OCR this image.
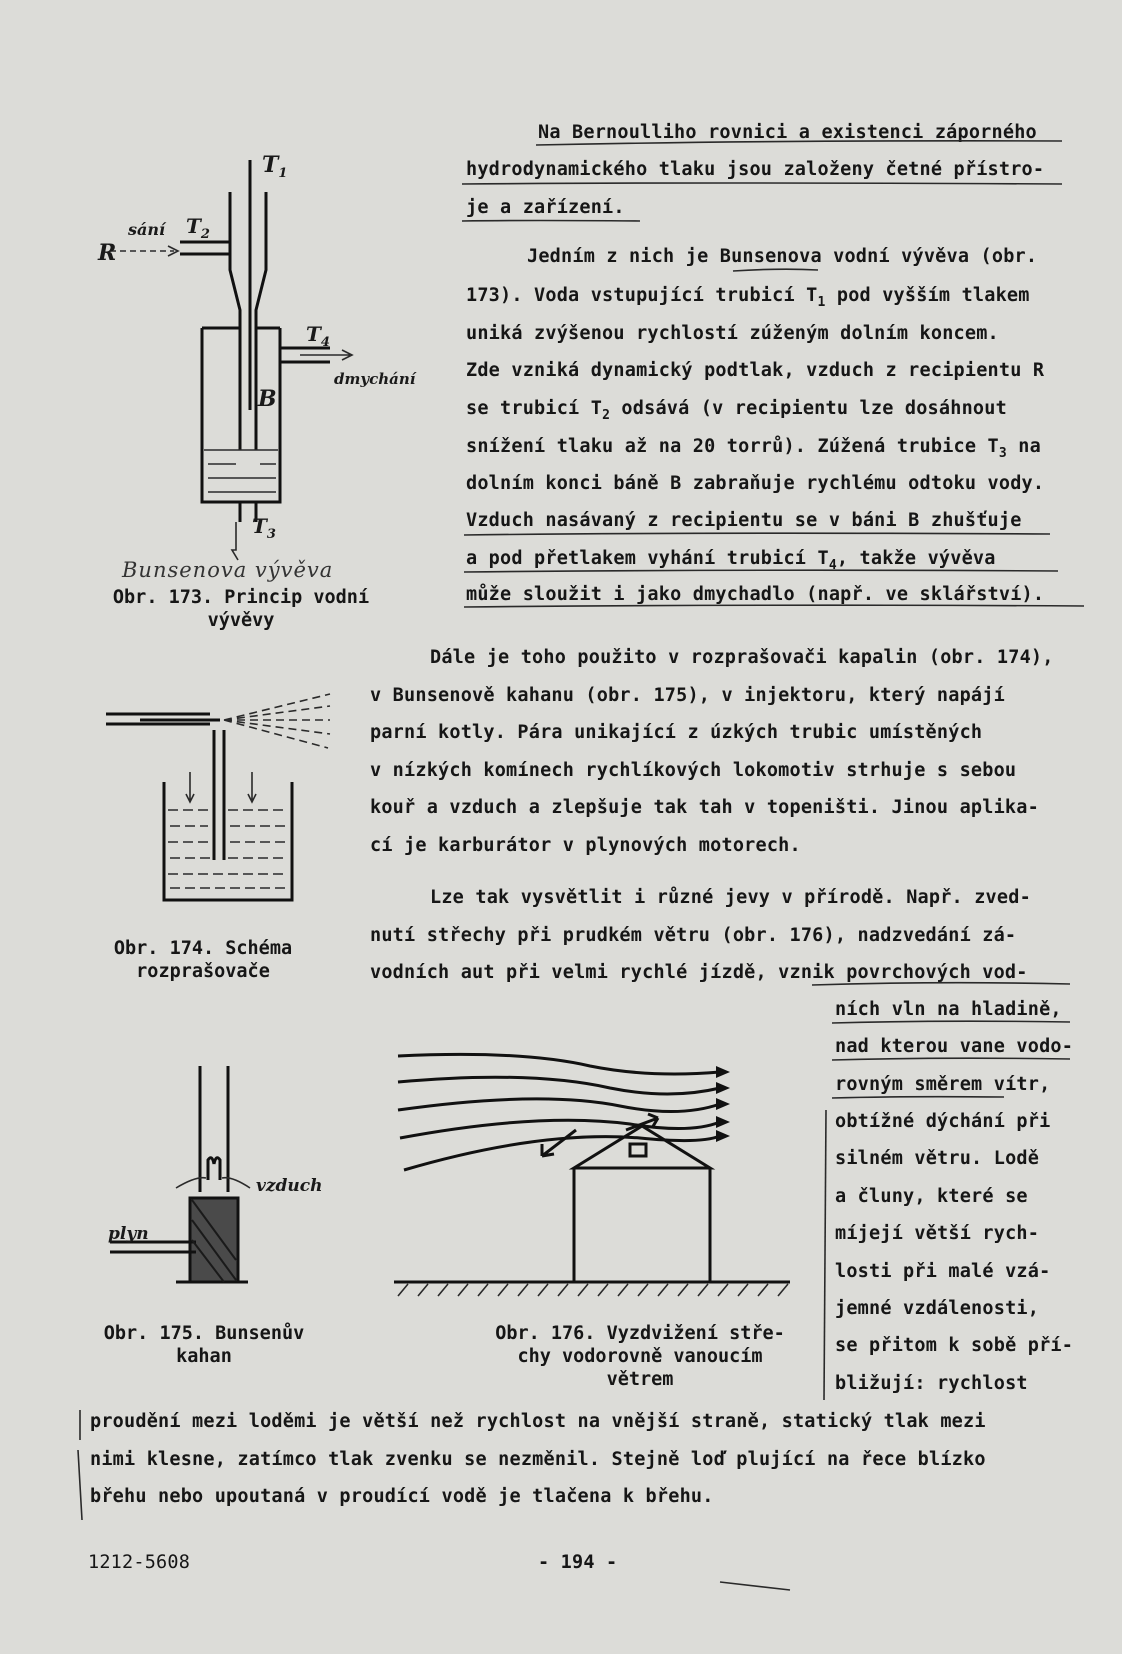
Na Bernoulliho rovnici a existenci záporného
hydrodynamického tlaku jsou založeny četné přístro-
je a zařízení.
Jedním z nich je Bunsenova vodní vývěva (obr.
173). Voda vstupující trubicí $T_1$ pod vyšším tlakem
uniká zvýšenou rychlostí zúženým dolním koncem.
Zde vzniká dynamický podtlak, vzduch z recipientu R
se trubicí $T_2$ odsává (v recipientu lze dosáhnout
snížení tlaku až na 20 torrů). Zúžená trubice $T_3$ na
dolním konci báně B zabraňuje rychlému odtoku vody.
Vzduch nasávaný z recipientu se v báni B zhušťuje
a pod přetlakem vyhání trubicí $T_4$, takže vývěva
může sloužit i jako dmychadlo (např. ve sklářství).
Dále je toho použito v rozprašovači kapalin (obr. 174),
v Bunsenově kahanu (obr. 175), v injektoru, který napájí
parní kotly. Pára unikající z úzkých trubic umístěných
v nízkých komínech rychlíkových lokomotiv strhuje s sebou
kouř a vzduch a zlepšuje tak tah v topeništi. Jinou aplika-
cí je karburátor v plynových motorech.
Lze tak vysvětlit i různé jevy v přírodě. Např. zved-
nutí střechy při prudkém větru (obr. 176), nadzvedání zá-
vodních aut při velmi rychlé jízdě, vznik povrchových vod-
ních vln na hladině,
nad kterou vane vodo-
rovným směrem vítr,
obtížné dýchání při
silném větru. Lodě
a čluny, které se
míjejí větší rych-
losti při malé vzá-
jemné vzdálenosti,
se přitom k sobě pří-
bližují: rychlost
proudění mezi loděmi je větší než rychlost na vnější straně, statický tlak mezi
nimi klesne, zatímco tlak zvenku se nezměnil. Stejně loď plující na řece blízko
břehu nebo upoutaná v proudící vodě je tlačena k břehu.
$T_1$
$T_2$
sání
R
$T_4$
dmychání
B
$T_3$
Bunsenova vývěva
Obr. 173. Princip vodní
vývěvy
Obr. 174. Schéma
rozprašovače
vzduch
plyn
Obr. 175. Bunsenův
kahan
Obr. 176. Vyzdvižení stře-
chy vodorovně vanoucím
větrem
1212-5608	- 194 -
